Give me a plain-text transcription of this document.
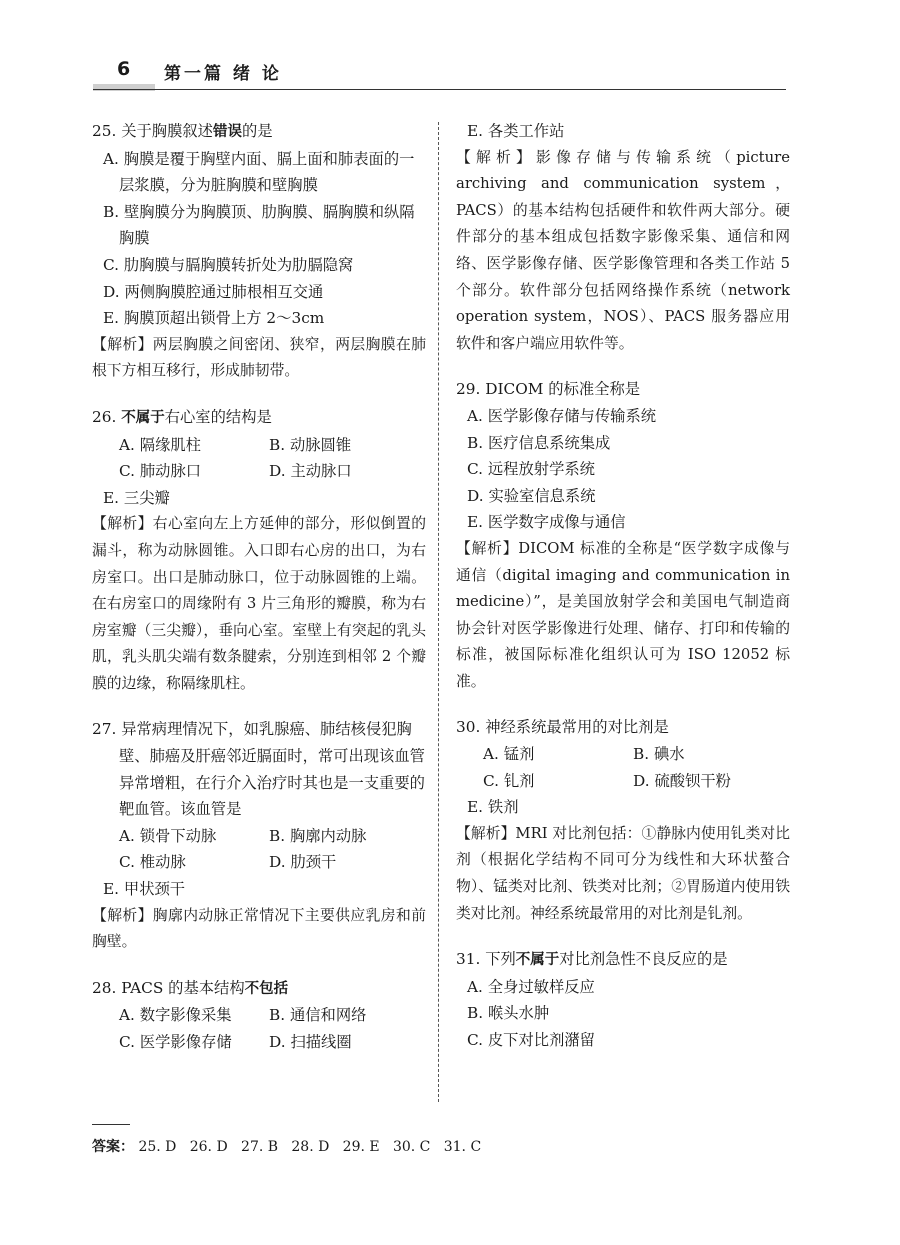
6 第一篇 绪 论

25. 关于胸膜叙述错误的是

A. 胸膜是覆于胸壁内面、膈上面和肺表面的一层浆膜，分为脏胸膜和壁胸膜

B. 壁胸膜分为胸膜顶、肋胸膜、膈胸膜和纵隔胸膜

C. 肋胸膜与膈胸膜转折处为肋膈隐窝

D. 两侧胸膜腔通过肺根相互交通

E. 胸膜顶超出锁骨上方 2～3cm

【解析】两层胸膜之间密闭、狭窄，两层胸膜在肺根下方相互移行，形成肺韧带。

26. 不属于右心室的结构是

A. 隔缘肌柱	B. 动脉圆锥
C. 肺动脉口	D. 主动脉口

E. 三尖瓣

【解析】右心室向左上方延伸的部分，形似倒置的漏斗，称为动脉圆锥。入口即右心房的出口，为右房室口。出口是肺动脉口，位于动脉圆锥的上端。在右房室口的周缘附有 3 片三角形的瓣膜，称为右房室瓣（三尖瓣），垂向心室。室壁上有突起的乳头肌，乳头肌尖端有数条腱索，分别连到相邻 2 个瓣膜的边缘，称隔缘肌柱。

27. 异常病理情况下，如乳腺癌、肺结核侵犯胸壁、肺癌及肝癌邻近膈面时，常可出现该血管异常增粗，在行介入治疗时其也是一支重要的靶血管。该血管是

A. 锁骨下动脉	B. 胸廓内动脉
C. 椎动脉	D. 肋颈干

E. 甲状颈干

【解析】胸廓内动脉正常情况下主要供应乳房和前胸壁。

28. PACS 的基本结构不包括

A. 数字影像采集	B. 通信和网络
C. 医学影像存储	D. 扫描线圈

E. 各类工作站

【解析】影像存储与传输系统（picture archiving and communication system，PACS）的基本结构包括硬件和软件两大部分。硬件部分的基本组成包括数字影像采集、通信和网络、医学影像存储、医学影像管理和各类工作站 5 个部分。软件部分包括网络操作系统（network operation system，NOS）、PACS 服务器应用软件和客户端应用软件等。

29. DICOM 的标准全称是

A. 医学影像存储与传输系统

B. 医疗信息系统集成

C. 远程放射学系统

D. 实验室信息系统

E. 医学数字成像与通信

【解析】DICOM 标准的全称是“医学数字成像与通信（digital imaging and communication in medicine）”，是美国放射学会和美国电气制造商协会针对医学影像进行处理、储存、打印和传输的标准，被国际标准化组织认可为 ISO 12052 标准。

30. 神经系统最常用的对比剂是

A. 锰剂	B. 碘水
C. 钆剂	D. 硫酸钡干粉

E. 铁剂

【解析】MRI 对比剂包括：①静脉内使用钆类对比剂（根据化学结构不同可分为线性和大环状螯合物）、锰类对比剂、铁类对比剂；②胃肠道内使用铁类对比剂。神经系统最常用的对比剂是钆剂。

31. 下列不属于对比剂急性不良反应的是

A. 全身过敏样反应

B. 喉头水肿

C. 皮下对比剂潴留

答案： 25. D   26. D   27. B   28. D   29. E   30. C   31. C
